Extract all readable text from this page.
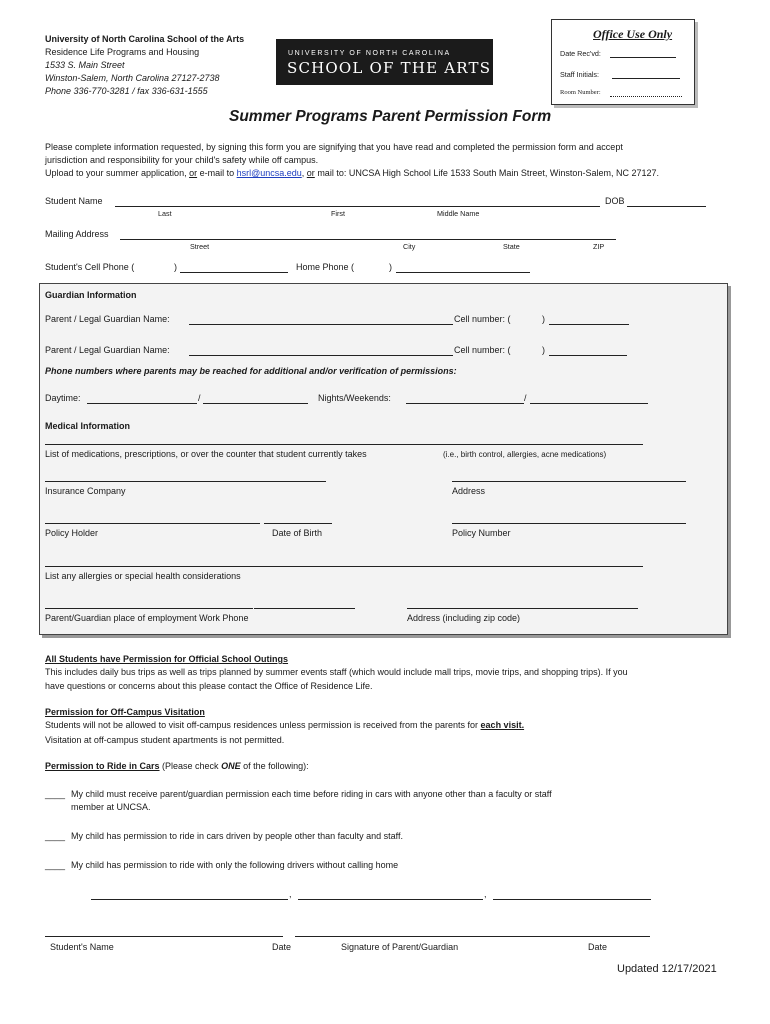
University of North Carolina School of the Arts
Residence Life Programs and Housing
1533 S. Main Street
Winston-Salem, North Carolina 27127-2738
Phone 336-770-3281 / fax 336-631-1555
UNIVERSITY OF NORTH CAROLINA
SCHOOL OF THE ARTS
Office Use Only
Date Rec'vd:
Staff Initials:
Room Number:
Summer Programs Parent Permission Form
Please complete information requested, by signing this form you are signifying that you have read and completed the permission form and accept
jurisdiction and responsibility for your child's safety while off campus.
Upload to your summer application, or e-mail to hsrl@uncsa.edu, or mail to: UNCSA High School Life 1533 South Main Street, Winston-Salem, NC 27127.
Student Name	DOB
Last	First	Middle Name
Mailing Address
Street	City	State	ZIP
Student's Cell Phone (	)	Home Phone (	)
Guardian Information
Parent / Legal Guardian Name:	Cell number: (	)
Parent / Legal Guardian Name:	Cell number: (	)
Phone numbers where parents may be reached for additional and/or verification of permissions:
Daytime:	/	Nights/Weekends:	/
Medical Information
List of medications, prescriptions, or over the counter that student currently takes	(i.e., birth control, allergies, acne medications)
Insurance Company	Address
Policy Holder	Date of Birth	Policy Number
List any allergies or special health considerations
Parent/Guardian place of employment Work Phone	Address (including zip code)
All Students have Permission for Official School Outings
This includes daily bus trips as well as trips planned by summer events staff (which would include mall trips, movie trips, and shopping trips). If you
have questions or concerns about this please contact the Office of Residence Life.
Permission for Off-Campus Visitation
Students will not be allowed to visit off-campus residences unless permission is received from the parents for each visit.
Visitation at off-campus student apartments is not permitted.
Permission to Ride in Cars (Please check ONE of the following):
____ My child must receive parent/guardian permission each time before riding in cars with anyone other than a faculty or staff
member at UNCSA.
____ My child has permission to ride in cars driven by people other than faculty and staff.
____ My child has permission to ride with only the following drivers without calling home
,	,
Student's Name	Date	Signature of Parent/Guardian	Date
Updated 12/17/2021
